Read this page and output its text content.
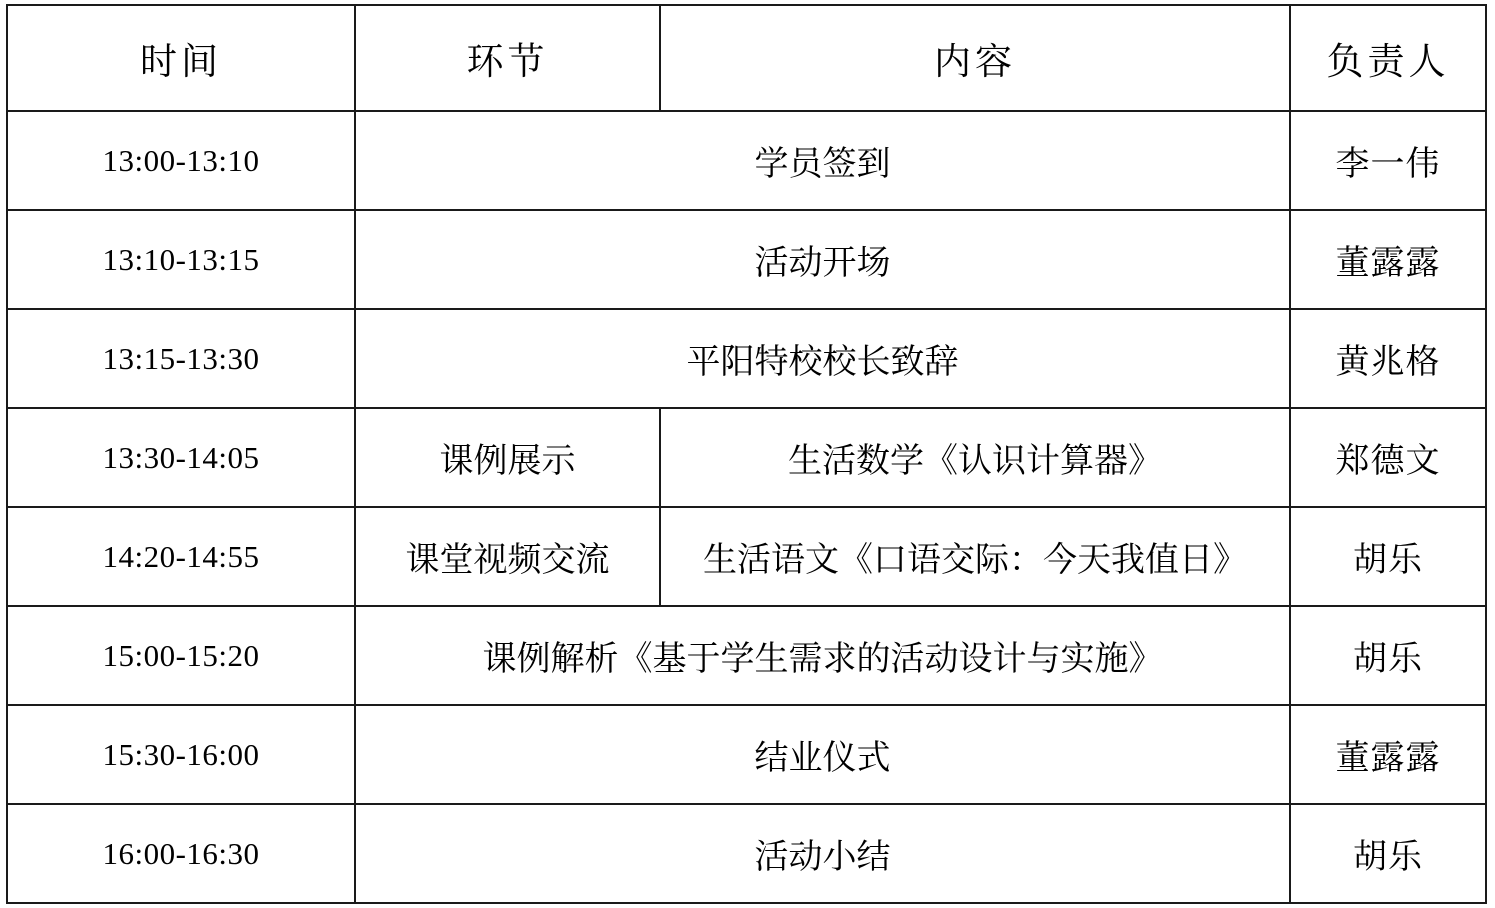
时间	环节	内容	负责人
13:00-13:10	学员签到		李一伟
13:10-13:15	活动开场		董露露
13:15-13:30	平阳特校校长致辞		黄兆格
13:30-14:05	课例展示	生活数学《认识计算器》	郑德文
14:20-14:55	课堂视频交流	生活语文《口语交际：今天我值日》	胡乐
15:00-15:20	课例解析《基于学生需求的活动设计与实施》		胡乐
15:30-16:00	结业仪式		董露露
16:00-16:30	活动小结		胡乐
